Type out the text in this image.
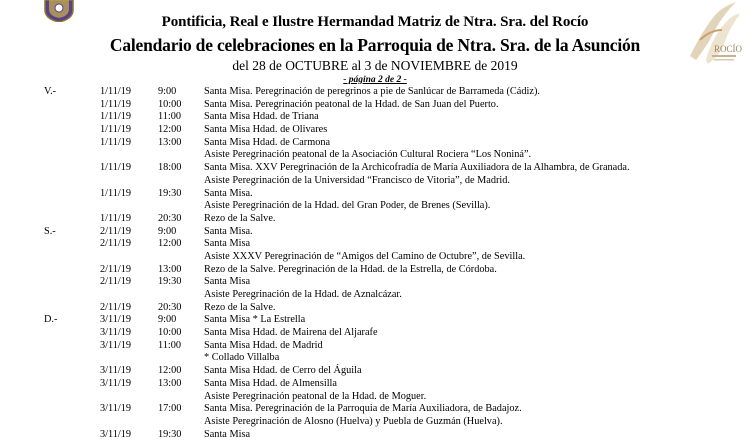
ROCÍO
Pontificia, Real e Ilustre Hermandad Matriz de Ntra. Sra. del Rocío
Calendario de celebraciones en la Parroquia de Ntra. Sra. de la Asunción
del 28 de OCTUBRE al 3 de NOVIEMBRE de 2019
- página 2 de 2 -
V.-	1/11/19	9:00	Santa Misa. Peregrinación de peregrinos a pie de Sanlúcar de Barrameda (Cádiz).
1/11/19	10:00 Santa Misa. Peregrinación peatonal de la Hdad. de San Juan del Puerto.
1/11/19	11:00 Santa Misa Hdad. de Triana
1/11/19	12:00 Santa Misa Hdad. de Olivares
1/11/19	13:00 Santa Misa Hdad. de Carmona
Asiste Peregrinación peatonal de la Asociación Cultural Rociera “Los Noniná”.
1/11/19	18:00 Santa Misa. XXV Peregrinación de la Archicofradía de María Auxiliadora de la Alhambra, de Granada.
Asiste Peregrinación de la Universidad “Francisco de Vitoria”, de Madrid.
1/11/19	19:30 Santa Misa.
Asiste Peregrinación de la Hdad. del Gran Poder, de Brenes (Sevilla).
1/11/19	20:30 Rezo de la Salve.
S.-	2/11/19	9:00	Santa Misa.
2/11/19	12:00 Santa Misa
Asiste XXXV Peregrinación de “Amigos del Camino de Octubre”, de Sevilla.
2/11/19	13:00 Rezo de la Salve. Peregrinación de la Hdad. de la Estrella, de Córdoba.
2/11/19	19:30 Santa Misa
Asiste Peregrinación de la Hdad. de Aznalcázar.
2/11/19	20:30 Rezo de la Salve.
D.-	3/11/19	9:00	Santa Misa * La Estrella
3/11/19	10:00 Santa Misa Hdad. de Mairena del Aljarafe
3/11/19	11:00 Santa Misa Hdad. de Madrid
* Collado Villalba
3/11/19	12:00 Santa Misa Hdad. de Cerro del Águila
3/11/19	13:00 Santa Misa Hdad. de Almensilla
Asiste Peregrinación peatonal de la Hdad. de Moguer.
3/11/19	17:00 Santa Misa. Peregrinación de la Parroquia de María Auxiliadora, de Badajoz.
Asiste Peregrinación de Alosno (Huelva) y Puebla de Guzmán (Huelva).
3/11/19	19:30 Santa Misa
